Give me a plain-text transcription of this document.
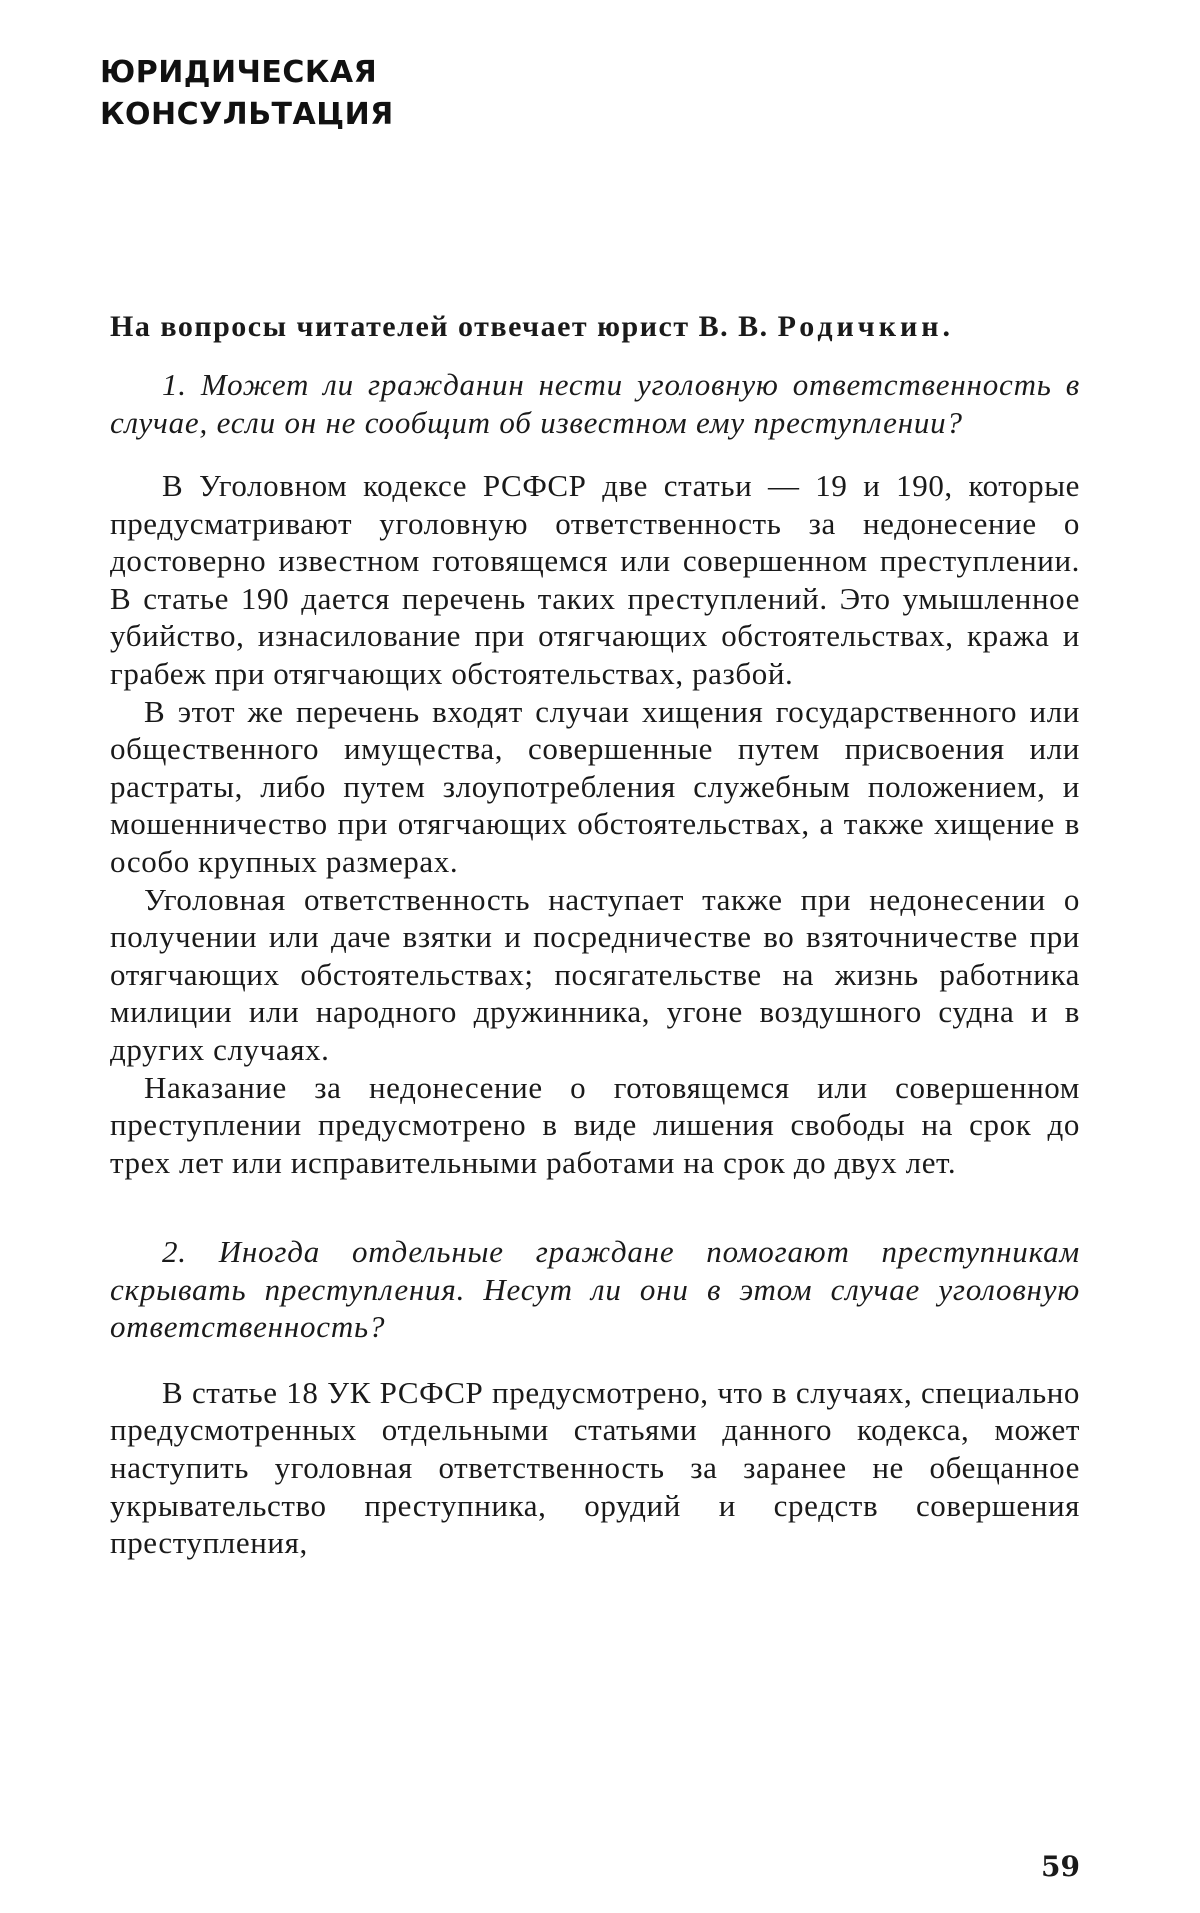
ЮРИДИЧЕСКАЯ
КОНСУЛЬТАЦИЯ

На вопросы читателей отвечает юрист В. В. Родичкин.

1. Может ли гражданин нести уголовную ответственность в случае, если он не сообщит об известном ему преступлении?

В Уголовном кодексе РСФСР две статьи — 19 и 190, которые предусматривают уголовную ответственность за недонесение о достоверно известном готовящемся или совершенном преступлении. В статье 190 дается перечень таких преступлений. Это умышленное убийство, изнасилование при отягчающих обстоятельствах, кража и грабеж при отягчающих обстоятельствах, разбой.

В этот же перечень входят случаи хищения государственного или общественного имущества, совершенные путем присвоения или растраты, либо путем злоупотребления служебным положением, и мошенничество при отягчающих обстоятельствах, а также хищение в особо крупных размерах.

Уголовная ответственность наступает также при недонесении о получении или даче взятки и посредничестве во взяточничестве при отягчающих обстоятельствах; посягательстве на жизнь работника милиции или народного дружинника, угоне воздушного судна и в других случаях.

Наказание за недонесение о готовящемся или совершенном преступлении предусмотрено в виде лишения свободы на срок до трех лет или исправительными работами на срок до двух лет.

2. Иногда отдельные граждане помогают преступникам скрывать преступления. Несут ли они в этом случае уголовную ответственность?

В статье 18 УК РСФСР предусмотрено, что в случаях, специально предусмотренных отдельными статьями данного кодекса, может наступить уголовная ответственность за заранее не обещанное укрывательство преступника, орудий и средств совершения преступления,

59
